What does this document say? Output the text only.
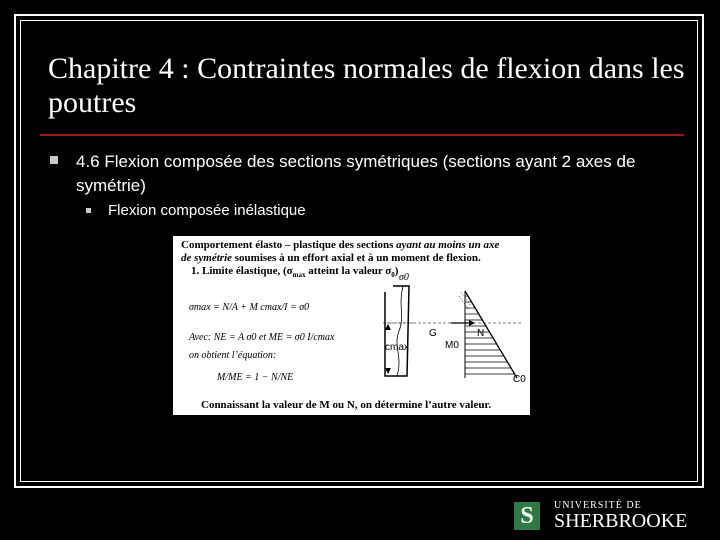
Chapitre 4 : Contraintes normales de flexion dans les poutres
4.6 Flexion composée des sections symétriques (sections ayant 2 axes de symétrie)
Flexion composée inélastique
Comportement élasto – plastique des sections ayant au moins un axe
de symétrie soumises à un effort axial et à un moment de flexion.
1. Limite élastique, ($\sigma_{max}$ atteint la valeur $\sigma_0$)
σmax = N/A + M cmax/I = σ0
Avec: NE = A σ0 et ME = σ0 I/cmax
on obtient l’équation:
M/ME = 1 − N/NE
Connaissant la valeur de M ou N, on détermine l’autre valeur.
σ0
G	N
cmax	M0
C0
S	UNIVERSITÉ DE
SHERBROOKE
